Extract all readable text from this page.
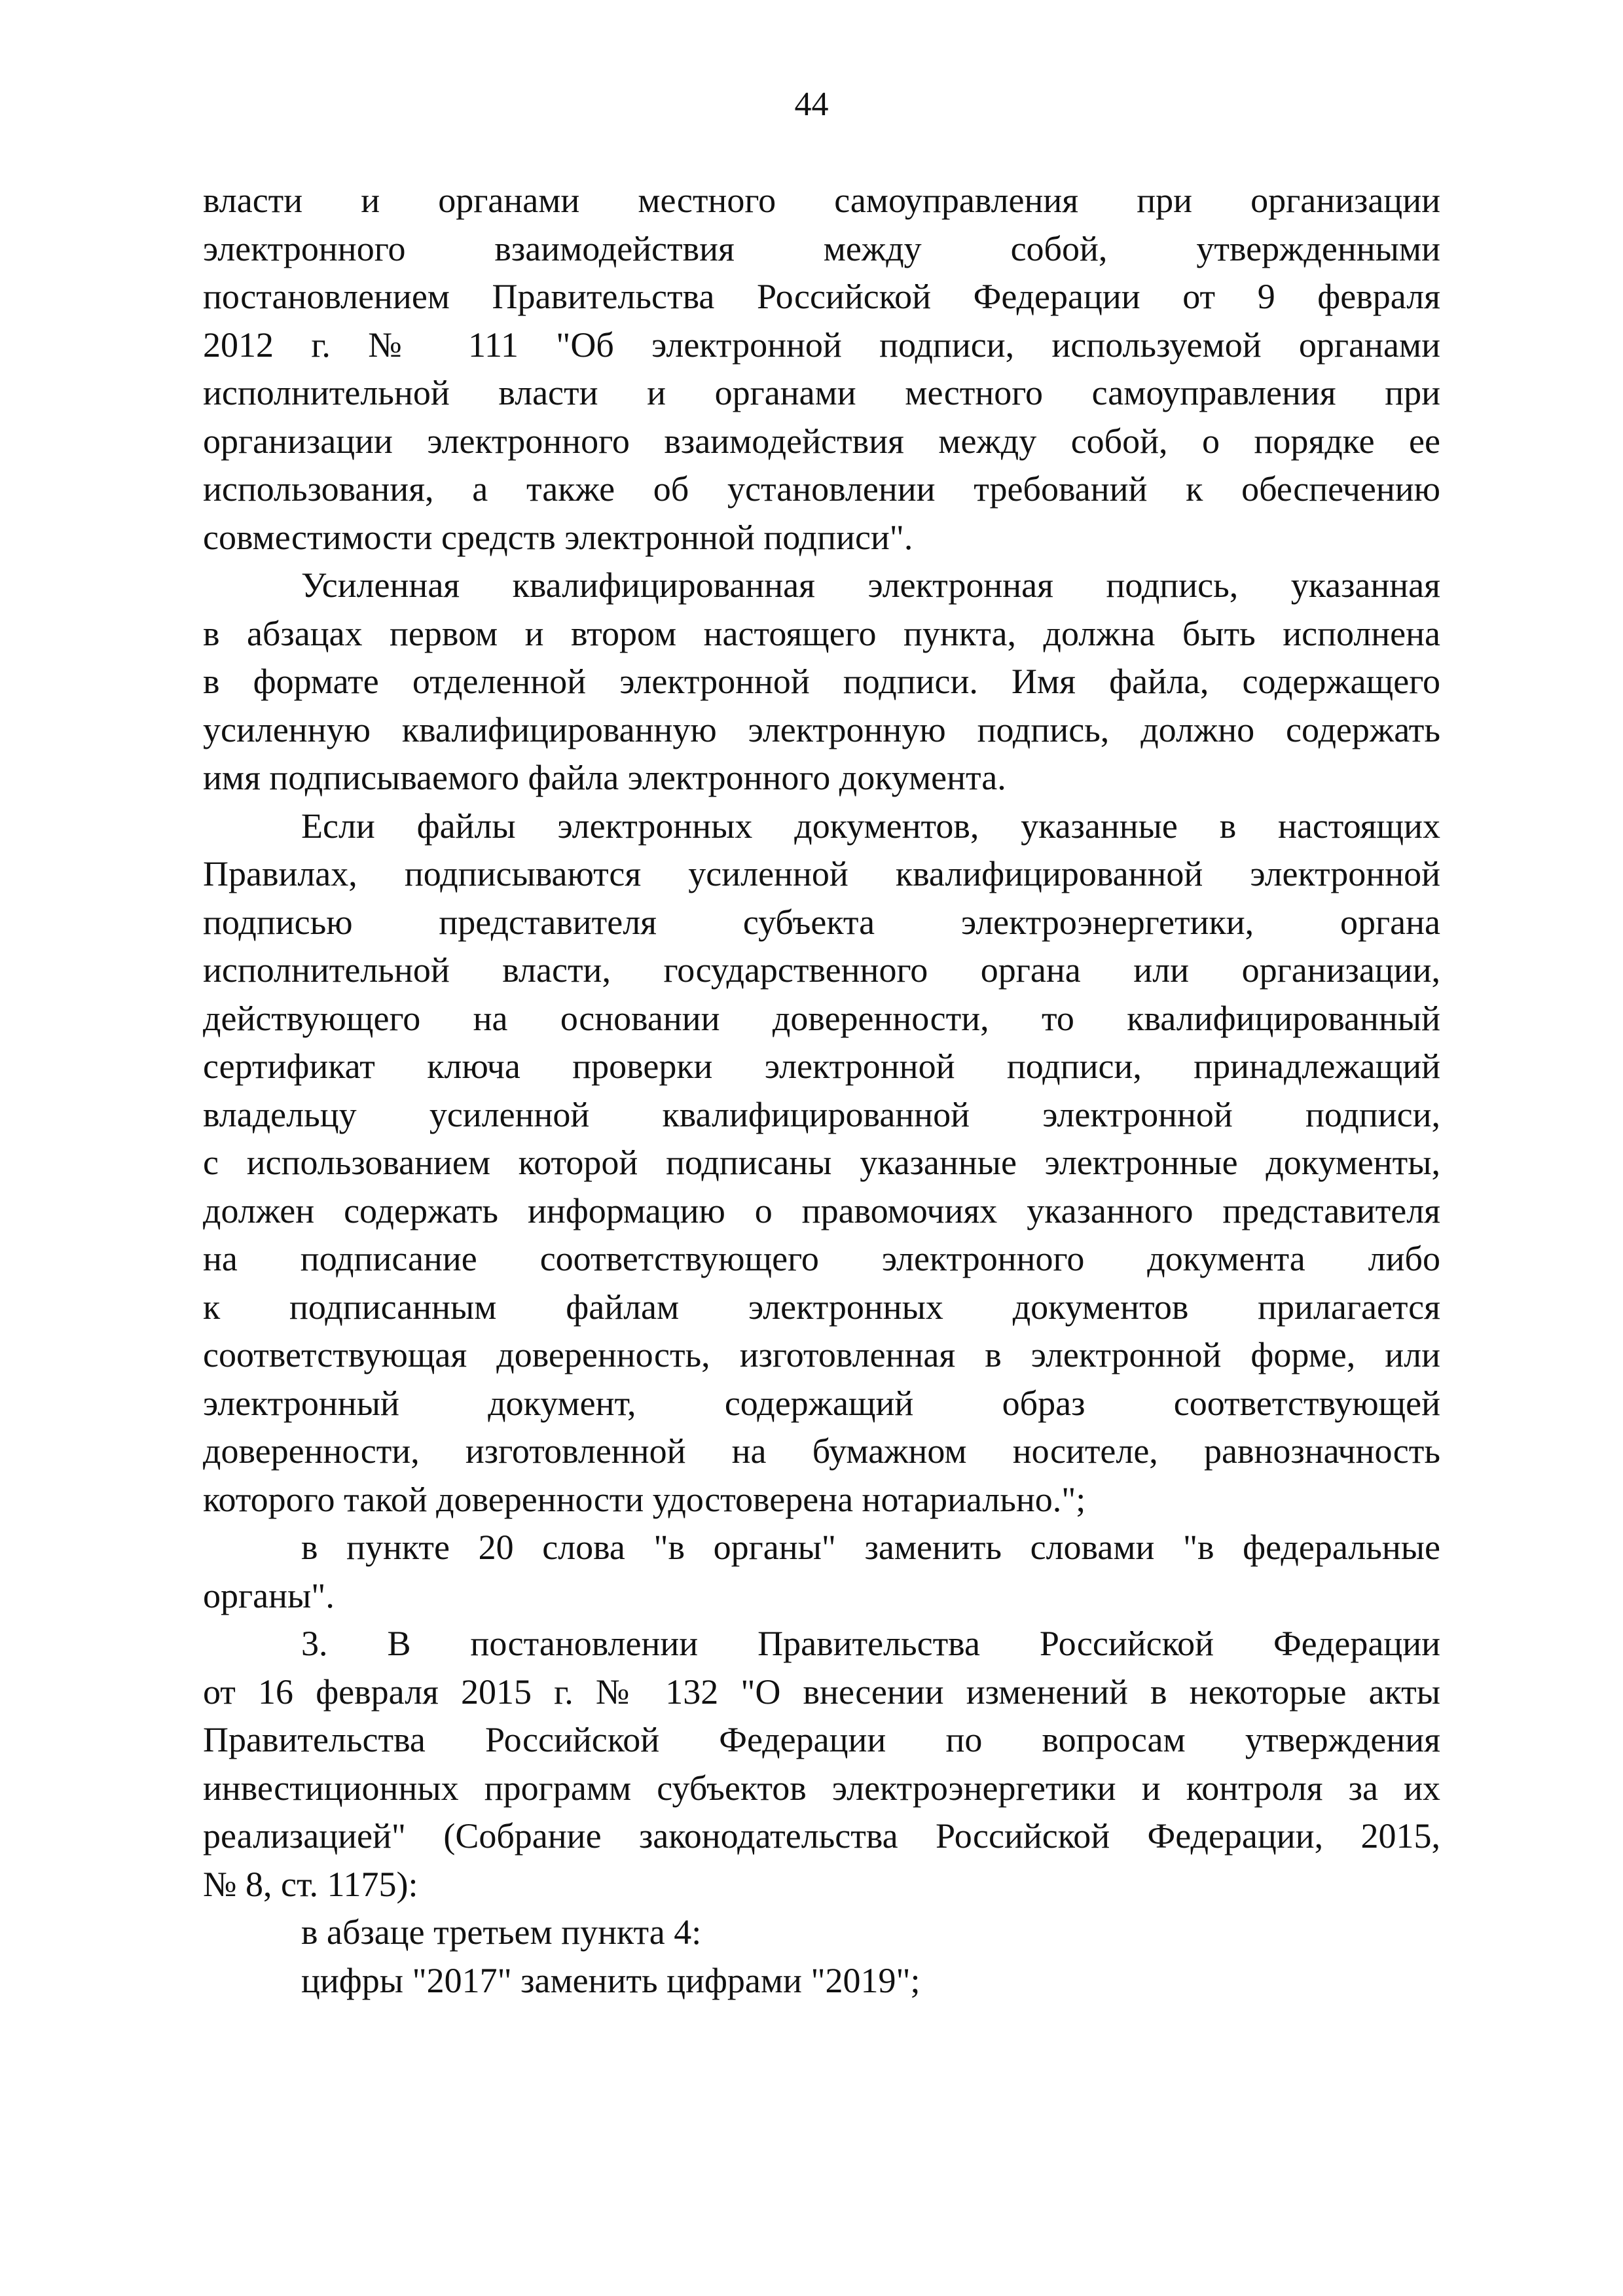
44
власти и органами местного самоуправления при организации
электронного взаимодействия между собой, утвержденными
постановлением Правительства Российской Федерации от 9 февраля
2012 г. № 111 "Об электронной подписи, используемой органами
исполнительной власти и органами местного самоуправления при
организации электронного взаимодействия между собой, о порядке ее
использования, а также об установлении требований к обеспечению
совместимости средств электронной подписи".
Усиленная квалифицированная электронная подпись, указанная
в абзацах первом и втором настоящего пункта, должна быть исполнена
в формате отделенной электронной подписи. Имя файла, содержащего
усиленную квалифицированную электронную подпись, должно содержать
имя подписываемого файла электронного документа.
Если файлы электронных документов, указанные в настоящих
Правилах, подписываются усиленной квалифицированной электронной
подписью представителя субъекта электроэнергетики, органа
исполнительной власти, государственного органа или организации,
действующего на основании доверенности, то квалифицированный
сертификат ключа проверки электронной подписи, принадлежащий
владельцу усиленной квалифицированной электронной подписи,
с использованием которой подписаны указанные электронные документы,
должен содержать информацию о правомочиях указанного представителя
на подписание соответствующего электронного документа либо
к подписанным файлам электронных документов прилагается
соответствующая доверенность, изготовленная в электронной форме, или
электронный документ, содержащий образ соответствующей
доверенности, изготовленной на бумажном носителе, равнозначность
которого такой доверенности удостоверена нотариально.";
в пункте 20 слова "в органы" заменить словами "в федеральные
органы".
3. В постановлении Правительства Российской Федерации
от 16 февраля 2015 г. № 132 "О внесении изменений в некоторые акты
Правительства Российской Федерации по вопросам утверждения
инвестиционных программ субъектов электроэнергетики и контроля за их
реализацией" (Собрание законодательства Российской Федерации, 2015,
№ 8, ст. 1175):
в абзаце третьем пункта 4:
цифры "2017" заменить цифрами "2019";
